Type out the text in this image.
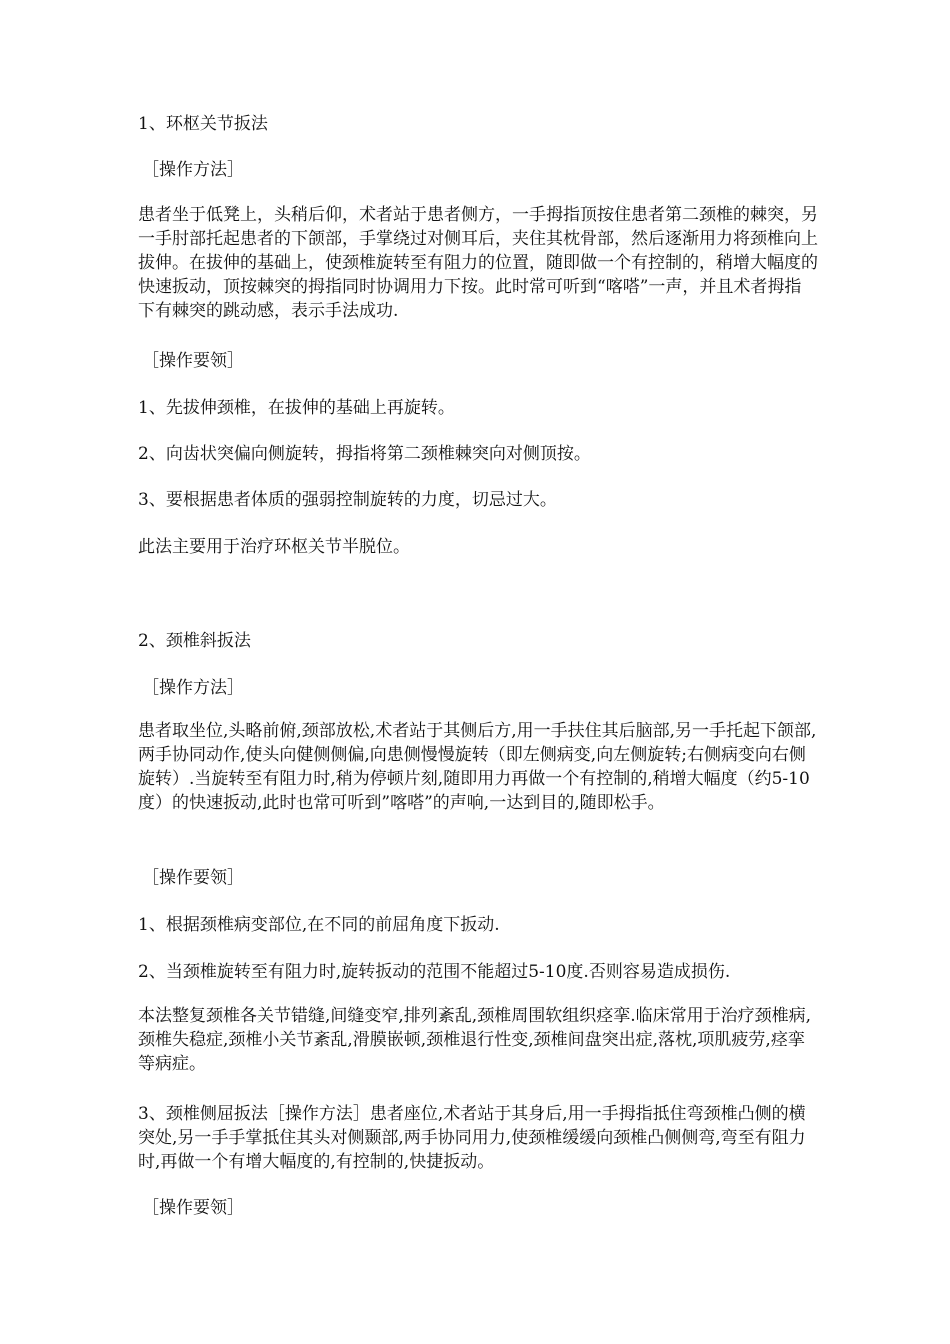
1、环枢关节扳法

［操作方法］

患者坐于低凳上，头稍后仰，术者站于患者侧方，一手拇指顶按住患者第二颈椎的棘突，另一手肘部托起患者的下颌部，手掌绕过对侧耳后，夹住其枕骨部，然后逐渐用力将颈椎向上拔伸。在拔伸的基础上，使颈椎旋转至有阻力的位置，随即做一个有控制的，稍增大幅度的快速扳动，顶按棘突的拇指同时协调用力下按。此时常可听到“喀嗒”一声，并且术者拇指下有棘突的跳动感，表示手法成功.

［操作要领］

1、先拔伸颈椎，在拔伸的基础上再旋转。

2、向齿状突偏向侧旋转，拇指将第二颈椎棘突向对侧顶按。

3、要根据患者体质的强弱控制旋转的力度，切忌过大。

此法主要用于治疗环枢关节半脱位。

2、颈椎斜扳法

［操作方法］

患者取坐位,头略前俯,颈部放松,术者站于其侧后方,用一手扶住其后脑部,另一手托起下颌部,两手协同动作,使头向健侧侧偏,向患侧慢慢旋转（即左侧病变,向左侧旋转;右侧病变向右侧旋转）.当旋转至有阻力时,稍为停顿片刻,随即用力再做一个有控制的,稍增大幅度（约5-10度）的快速扳动,此时也常可听到”喀嗒”的声响,一达到目的,随即松手。

［操作要领］

1、根据颈椎病变部位,在不同的前屈角度下扳动.

2、当颈椎旋转至有阻力时,旋转扳动的范围不能超过5-10度.否则容易造成损伤.

本法整复颈椎各关节错缝,间缝变窄,排列紊乱,颈椎周围软组织痉挛.临床常用于治疗颈椎病,颈椎失稳症,颈椎小关节紊乱,滑膜嵌顿,颈椎退行性变,颈椎间盘突出症,落枕,项肌疲劳,痉挛等病症。

3、颈椎侧屈扳法［操作方法］患者座位,术者站于其身后,用一手拇指抵住弯颈椎凸侧的横突处,另一手手掌抵住其头对侧颞部,两手协同用力,使颈椎缓缓向颈椎凸侧侧弯,弯至有阻力时,再做一个有增大幅度的,有控制的,快捷扳动。

［操作要领］
